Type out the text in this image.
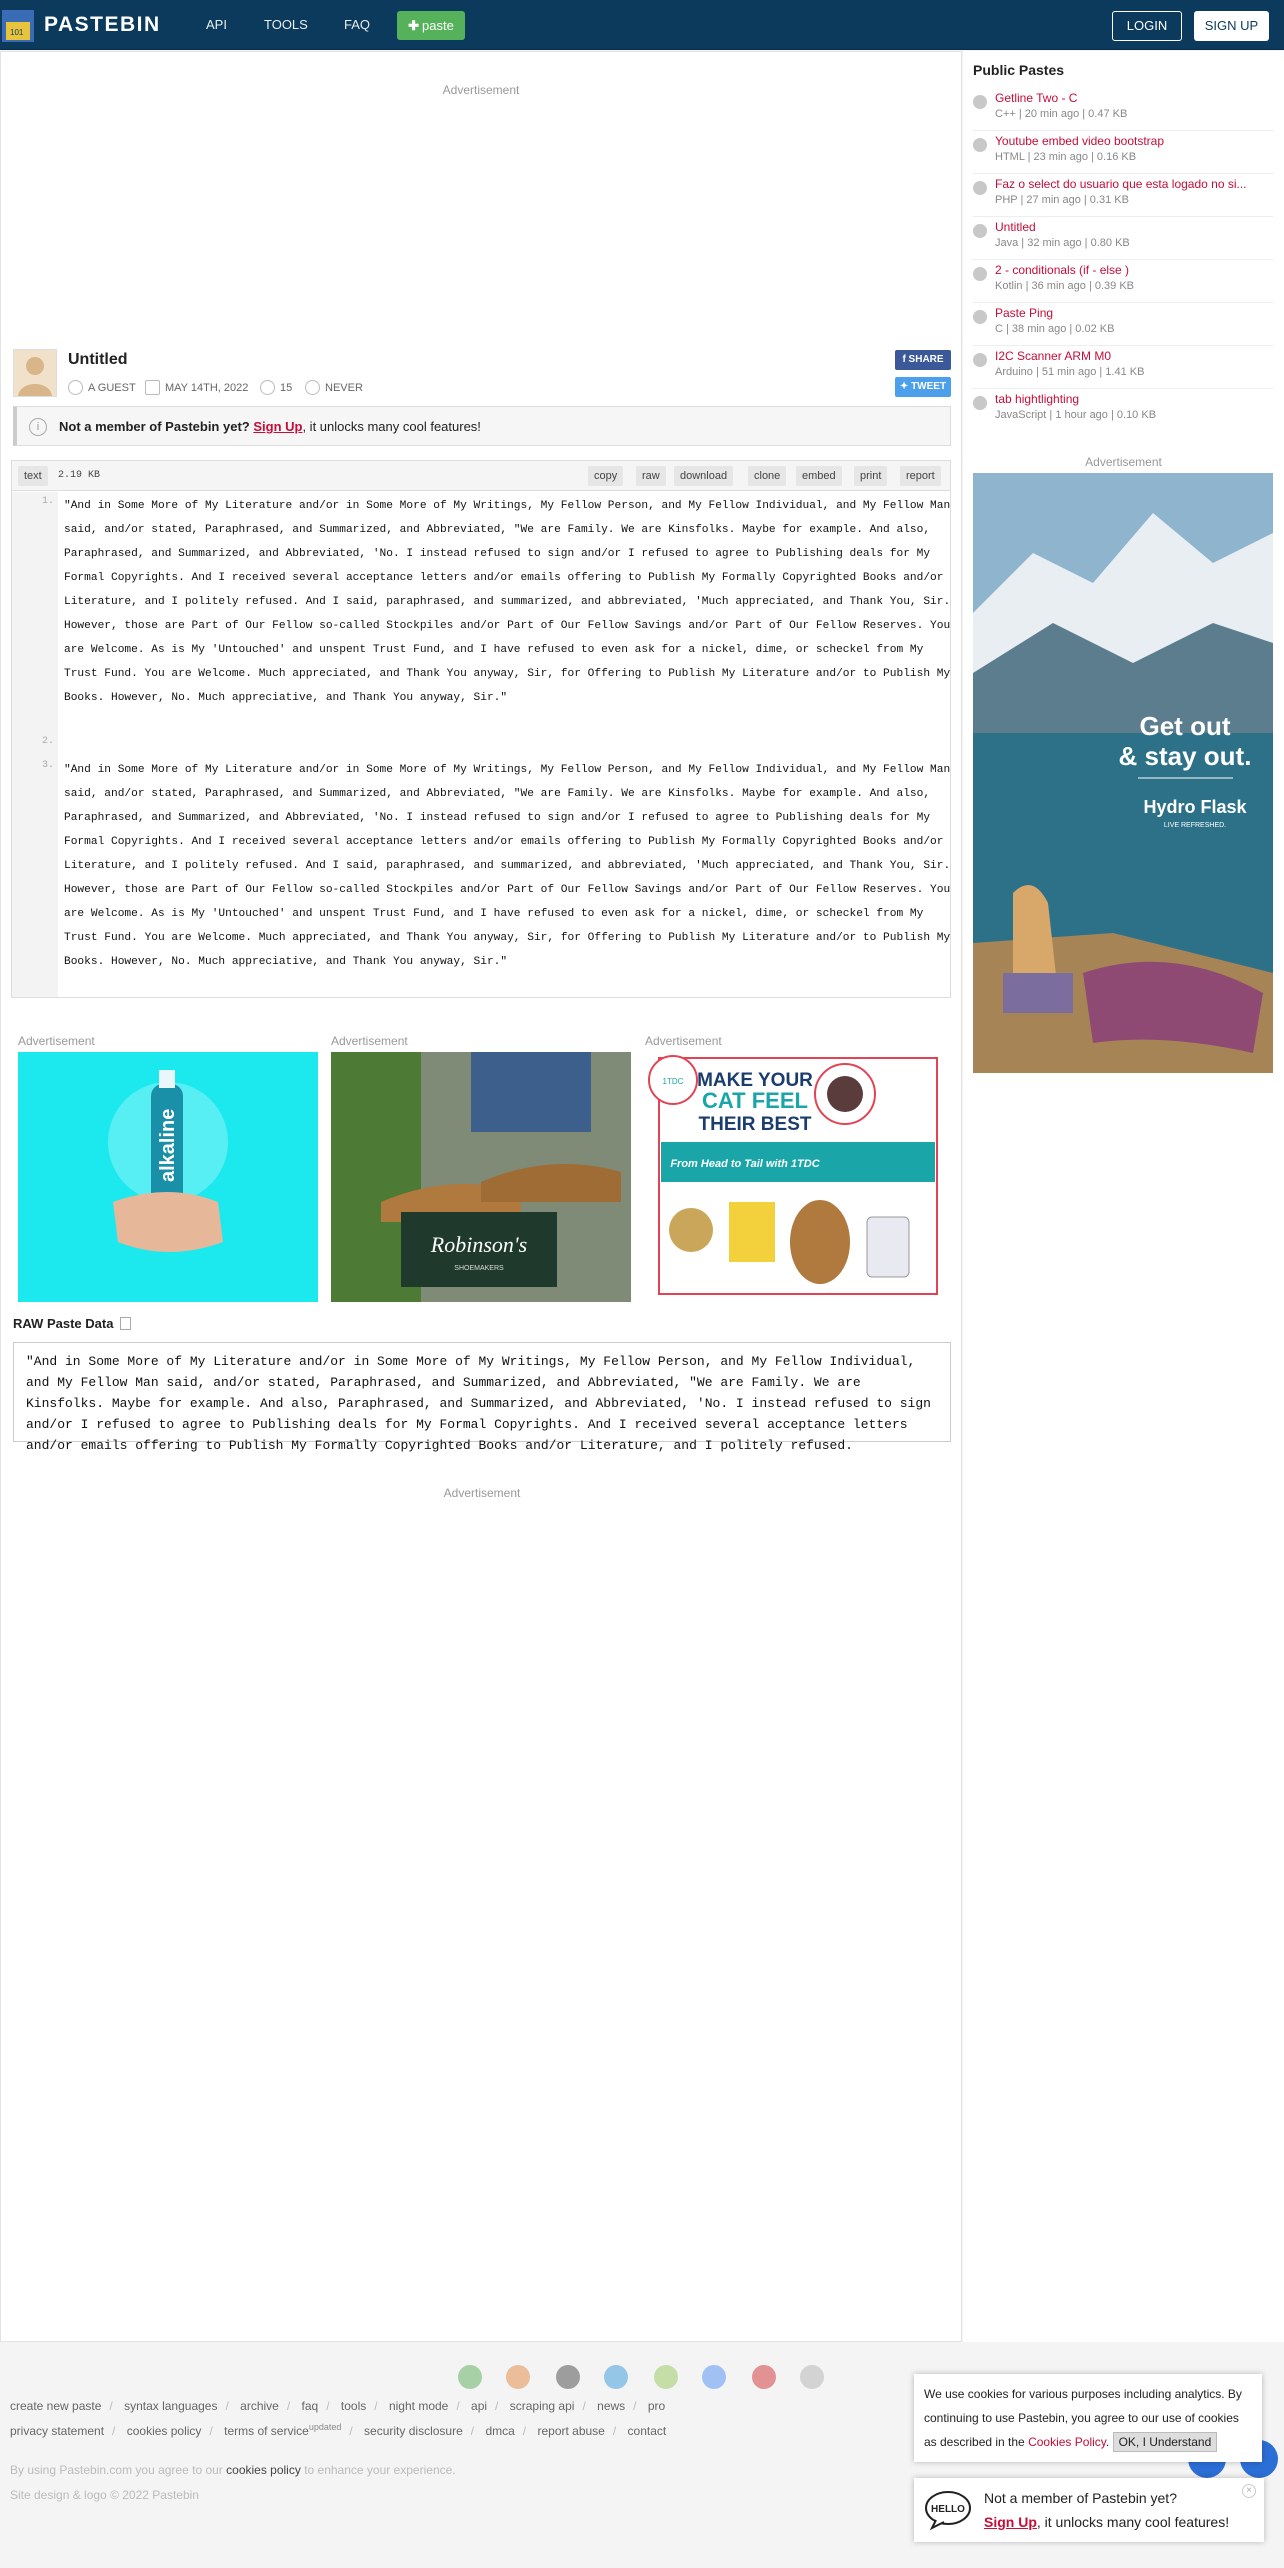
101 PASTEBIN	API	TOOLS	FAQ	✚ paste	LOGIN	SIGN UP
Advertisement
Untitled
A GUEST	MAY 14TH, 2022	15	NEVER
f SHARE
✦ TWEET
i	Not a member of Pastebin yet? Sign Up, it unlocks many cool features!
text	2.19 KB	copy	raw	download	clone	embed	print	report
1.
2.
3.
"And in Some More of My Literature and/or in Some More of My Writings, My Fellow Person, and My Fellow Individual, and My Fellow Man said, and/or stated, Paraphrased, and Summarized, and Abbreviated, "We are Family. We are Kinsfolks. Maybe for example. And also, Paraphrased, and Summarized, and Abbreviated, 'No. I instead refused to sign and/or I refused to agree to Publishing deals for My Formal Copyrights. And I received several acceptance letters and/or emails offering to Publish My Formally Copyrighted Books and/or Literature, and I politely refused. And I said, paraphrased, and summarized, and abbreviated, 'Much appreciated, and Thank You, Sir. However, those are Part of Our Fellow so-called Stockpiles and/or Part of Our Fellow Savings and/or Part of Our Fellow Reserves. You are Welcome. As is My 'Untouched' and unspent Trust Fund, and I have refused to even ask for a nickel, dime, or scheckel from My Trust Fund. You are Welcome. Much appreciated, and Thank You anyway, Sir, for Offering to Publish My Literature and/or to Publish My Books. However, No. Much appreciative, and Thank You anyway, Sir."
"And in Some More of My Literature and/or in Some More of My Writings, My Fellow Person, and My Fellow Individual, and My Fellow Man said, and/or stated, Paraphrased, and Summarized, and Abbreviated, "We are Family. We are Kinsfolks. Maybe for example. And also, Paraphrased, and Summarized, and Abbreviated, 'No. I instead refused to sign and/or I refused to agree to Publishing deals for My Formal Copyrights. And I received several acceptance letters and/or emails offering to Publish My Formally Copyrighted Books and/or Literature, and I politely refused. And I said, paraphrased, and summarized, and abbreviated, 'Much appreciated, and Thank You, Sir. However, those are Part of Our Fellow so-called Stockpiles and/or Part of Our Fellow Savings and/or Part of Our Fellow Reserves. You are Welcome. As is My 'Untouched' and unspent Trust Fund, and I have refused to even ask for a nickel, dime, or scheckel from My Trust Fund. You are Welcome. Much appreciated, and Thank You anyway, Sir, for Offering to Publish My Literature and/or to Publish My Books. However, No. Much appreciative, and Thank You anyway, Sir."
Advertisement	Advertisement	Advertisement
alkaline
Robinson's
SHOEMAKERS
1TDC MAKE YOUR
CAT FEEL
THEIR BEST
From Head to Tail with 1TDC
RAW Paste Data
"And in Some More of My Literature and/or in Some More of My Writings, My Fellow Person, and My Fellow Individual, and My Fellow Man said, and/or stated, Paraphrased, and Summarized, and Abbreviated, "We are Family. We are Kinsfolks. Maybe for example. And also, Paraphrased, and Summarized, and Abbreviated, 'No. I instead refused to sign and/or I refused to agree to Publishing deals for My Formal Copyrights. And I received several acceptance letters and/or emails offering to Publish My Formally Copyrighted Books and/or Literature, and I politely refused.
Advertisement
Public Pastes
Getline Two - C
C++ | 20 min ago | 0.47 KB
Youtube embed video bootstrap
HTML | 23 min ago | 0.16 KB
Faz o select do usuario que esta logado no si...
PHP | 27 min ago | 0.31 KB
Untitled
Java | 32 min ago | 0.80 KB
2 - conditionals (if - else )
Kotlin | 36 min ago | 0.39 KB
Paste Ping
C | 38 min ago | 0.02 KB
I2C Scanner ARM M0
Arduino | 51 min ago | 1.41 KB
tab hightlighting
JavaScript | 1 hour ago | 0.10 KB
Advertisement
Get out
& stay out.
Hydro Flask
LIVE REFRESHED.
create new paste / syntax languages / archive / faq / tools / night mode / api / scraping api / news / pro
privacy statement / cookies policy / terms of service$^{updated}$ / security disclosure / dmca / report abuse / contact
By using Pastebin.com you agree to our cookies policy to enhance your experience.
Site design & logo © 2022 Pastebin
We use cookies for various purposes including analytics. By continuing to use Pastebin, you agree to our use of cookies as described in the Cookies Policy. OK, I Understand
HELLO
×
Not a member of Pastebin yet?
Sign Up, it unlocks many cool features!
